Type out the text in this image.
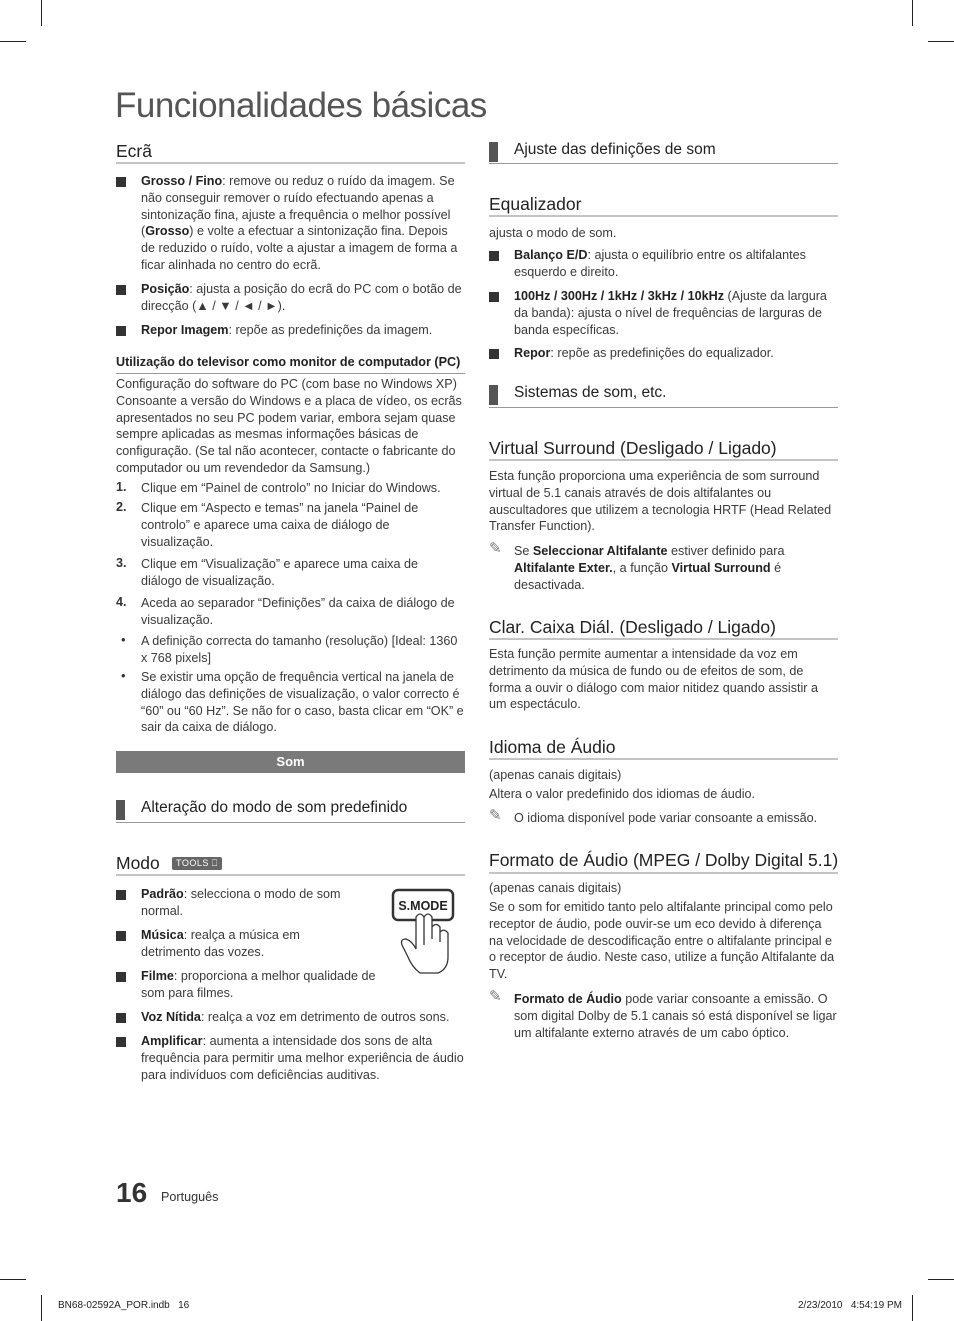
Funcionalidades básicas
Ecrã
Grosso / Fino: remove ou reduz o ruído da imagem. Se não conseguir remover o ruído efectuando apenas a sintonização fina, ajuste a frequência o melhor possível (Grosso) e volte a efectuar a sintonização fina. Depois de reduzido o ruído, volte a ajustar a imagem de forma a ficar alinhada no centro do ecrã.
Posição: ajusta a posição do ecrã do PC com o botão de direcção (▲ / ▼ / ◄ / ►).
Repor Imagem: repõe as predefinições da imagem.
Utilização do televisor como monitor de computador (PC)
Configuração do software do PC (com base no Windows XP) Consoante a versão do Windows e a placa de vídeo, os ecrãs apresentados no seu PC podem variar, embora sejam quase sempre aplicadas as mesmas informações básicas de configuração. (Se tal não acontecer, contacte o fabricante do computador ou um revendedor da Samsung.)
1. Clique em “Painel de controlo” no Iniciar do Windows.
2. Clique em “Aspecto e temas” na janela “Painel de controlo” e aparece uma caixa de diálogo de visualização.
3. Clique em “Visualização” e aparece uma caixa de diálogo de visualização.
4. Aceda ao separador “Definições” da caixa de diálogo de visualização.
• A definição correcta do tamanho (resolução) [Ideal: 1360 x 768 pixels]
• Se existir uma opção de frequência vertical na janela de diálogo das definições de visualização, o valor correcto é “60” ou “60 Hz”. Se não for o caso, basta clicar em “OK” e sair da caixa de diálogo.
Som
Alteração do modo de som predefinido
Modo	TOOLS ⎕
S.MODE
Padrão: selecciona o modo de som normal.
Música: realça a música em detrimento das vozes.
Filme: proporciona a melhor qualidade de som para filmes.
Voz Nítida: realça a voz em detrimento de outros sons.
Amplificar: aumenta a intensidade dos sons de alta frequência para permitir uma melhor experiência de áudio para indivíduos com deficiências auditivas.
Ajuste das definições de som
Equalizador
ajusta o modo de som.
Balanço E/D: ajusta o equilíbrio entre os altifalantes esquerdo e direito.
100Hz / 300Hz / 1kHz / 3kHz / 10kHz (Ajuste da largura da banda): ajusta o nível de frequências de larguras de banda específicas.
Repor: repõe as predefinições do equalizador.
Sistemas de som, etc.
Virtual Surround (Desligado / Ligado)
Esta função proporciona uma experiência de som surround virtual de 5.1 canais através de dois altifalantes ou auscultadores que utilizem a tecnologia HRTF (Head Related Transfer Function).
✎ Se Seleccionar Altifalante estiver definido para Altifalante Exter., a função Virtual Surround é desactivada.
Clar. Caixa Diál. (Desligado / Ligado)
Esta função permite aumentar a intensidade da voz em detrimento da música de fundo ou de efeitos de som, de forma a ouvir o diálogo com maior nitidez quando assistir a um espectáculo.
Idioma de Áudio
(apenas canais digitais)
Altera o valor predefinido dos idiomas de áudio.
✎ O idioma disponível pode variar consoante a emissão.
Formato de Áudio (MPEG / Dolby Digital 5.1)
(apenas canais digitais)
Se o som for emitido tanto pelo altifalante principal como pelo receptor de áudio, pode ouvir-se um eco devido à diferença na velocidade de descodificação entre o altifalante principal e o receptor de áudio. Neste caso, utilize a função Altifalante da TV.
✎ Formato de Áudio pode variar consoante a emissão. O som digital Dolby de 5.1 canais só está disponível se ligar um altifalante externo através de um cabo óptico.
16 Português
BN68-02592A_POR.indb   16	2/23/2010   4:54:19 PM
